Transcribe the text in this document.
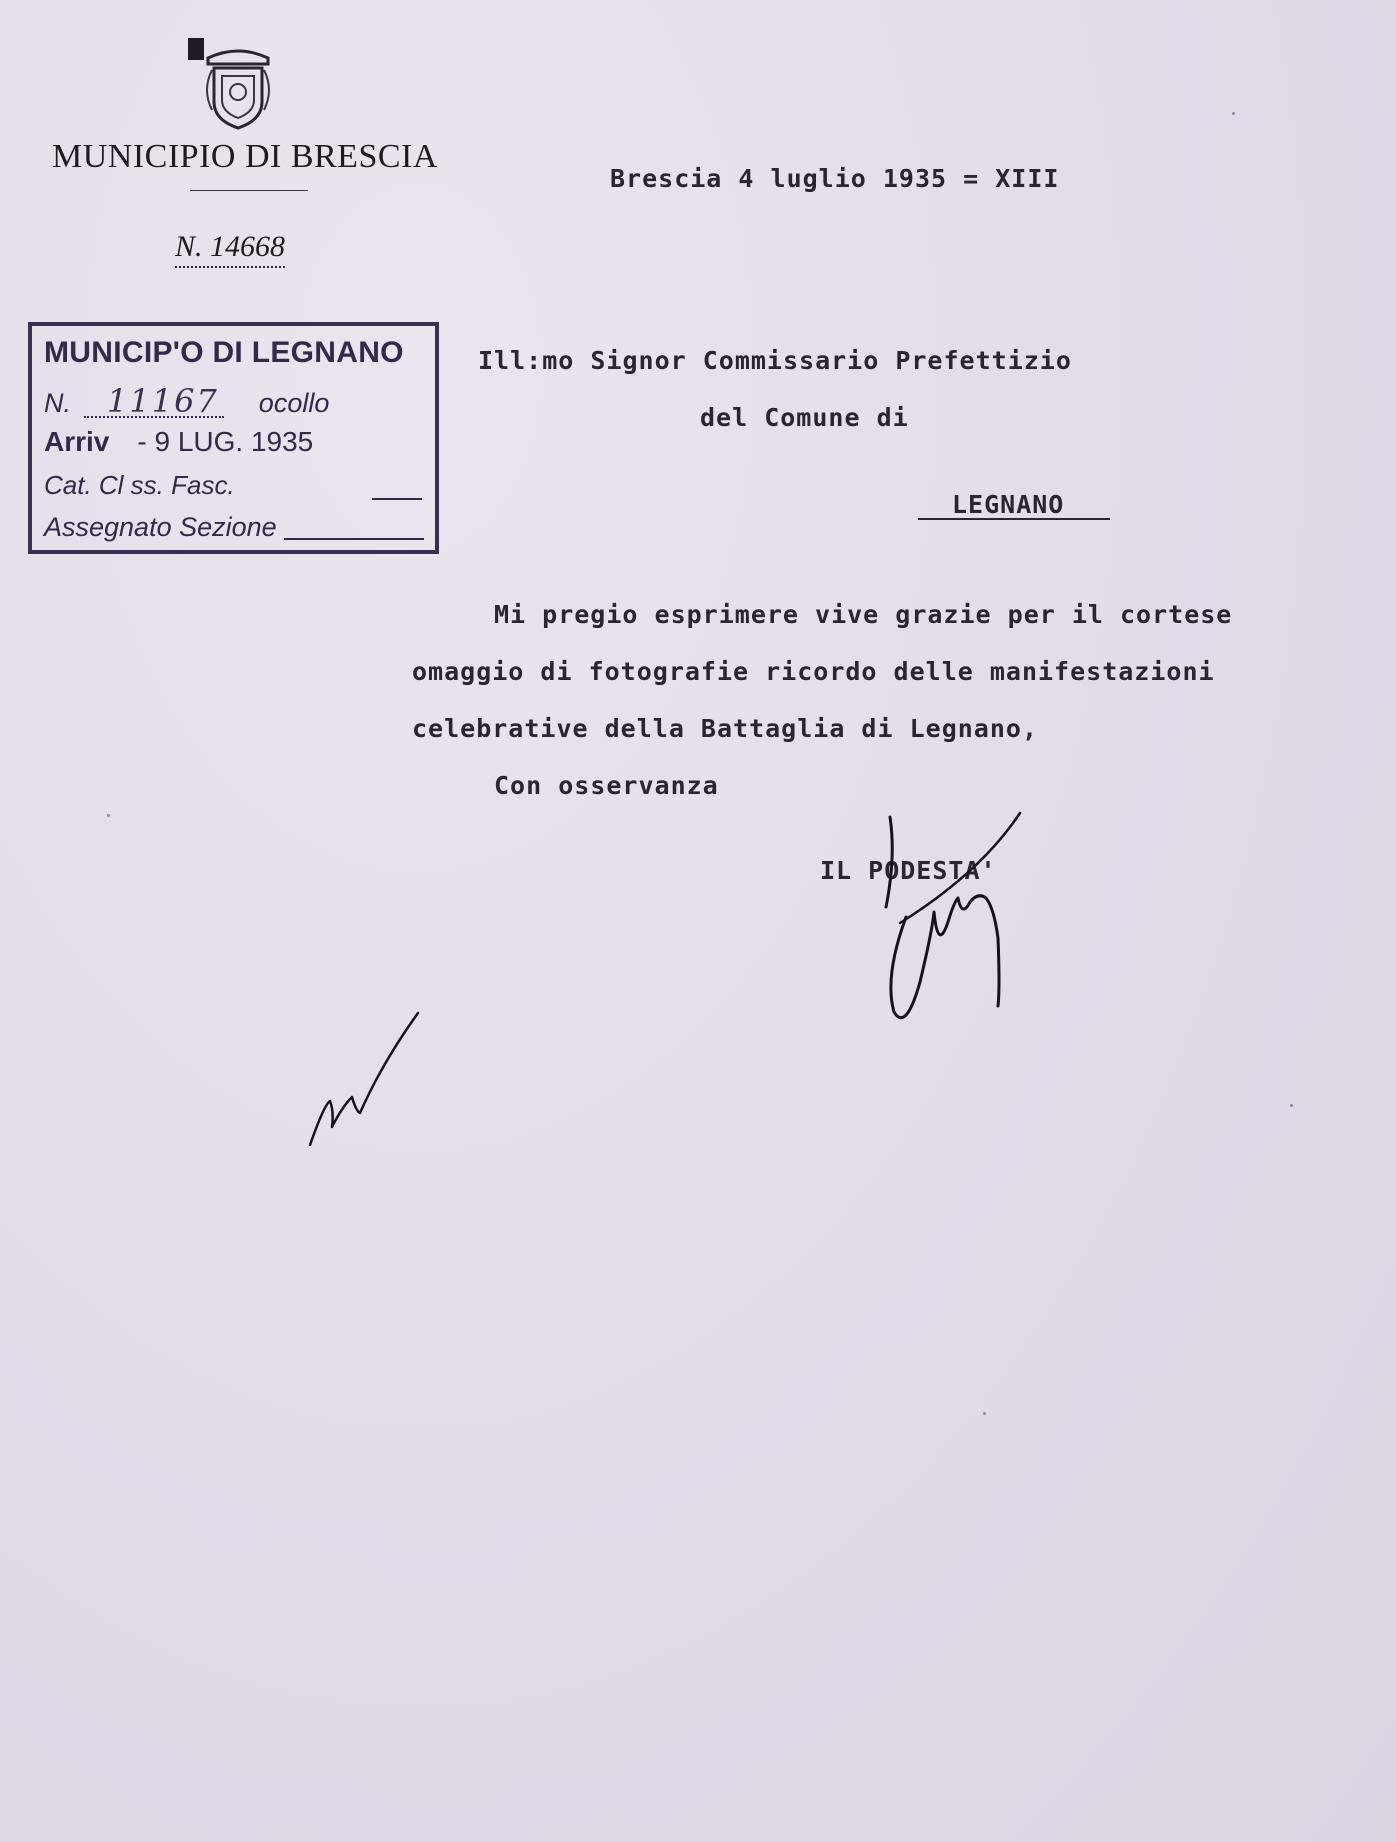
MUNICIPIO DI BRESCIA
N. 14668
MUNICIP'O DI LEGNANO
N. 11167 ocollo
Arriv - 9 LUG. 1935
Cat. Cl ss. Fasc.
Assegnato Sezione
Brescia 4 luglio 1935 = XIII
Ill:mo Signor Commissario Prefettizio
del Comune di
LEGNANO
Mi pregio esprimere vive grazie per il cortese
omaggio di fotografie ricordo delle manifestazioni
celebrative della Battaglia di Legnano,
Con osservanza
IL PODESTA'
